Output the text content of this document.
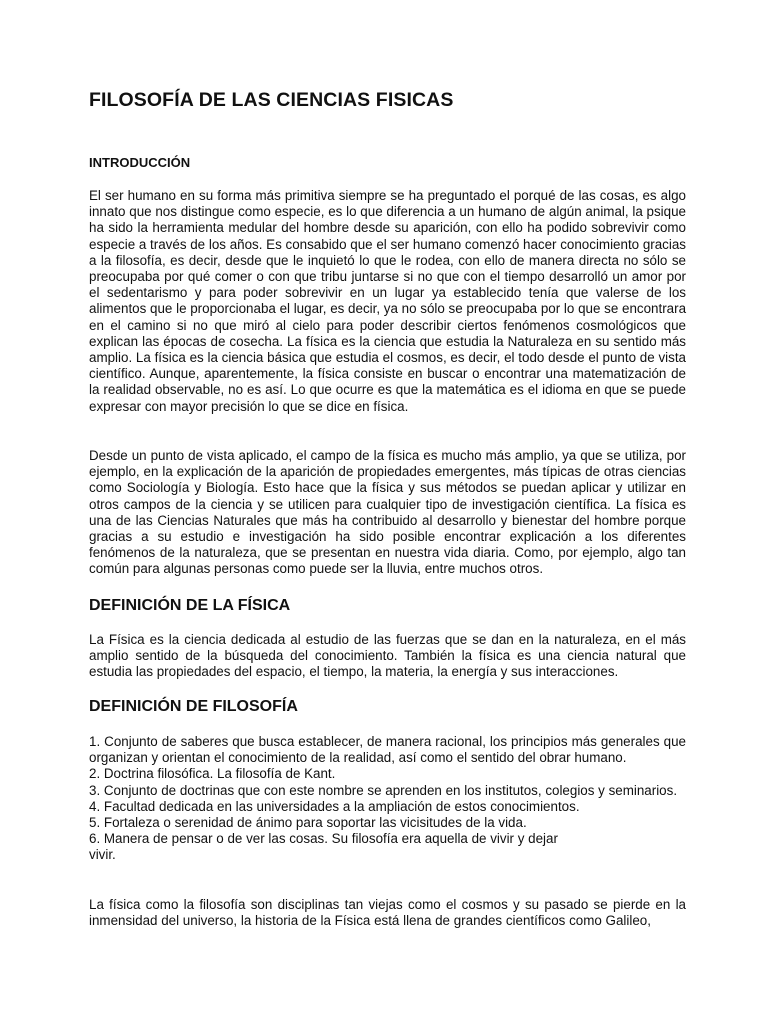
FILOSOFÍA DE LAS CIENCIAS FISICAS
INTRODUCCIÓN

El ser humano en su forma más primitiva siempre se ha preguntado el porqué de las cosas, es algo innato que nos distingue como especie, es lo que diferencia a un humano de algún animal, la psique ha sido la herramienta medular del hombre desde su aparición, con ello ha podido sobrevivir como especie a través de los años. Es consabido que el ser humano comenzó hacer conocimiento gracias a la filosofía, es decir, desde que le inquietó lo que le rodea, con ello de manera directa no sólo se preocupaba por qué comer o con que tribu juntarse si no que con el tiempo desarrolló un amor por el sedentarismo y para poder sobrevivir en un lugar ya establecido tenía que valerse de los alimentos que le proporcionaba el lugar, es decir, ya no sólo se preocupaba por lo que se encontrara en el camino si no que miró al cielo para poder describir ciertos fenómenos cosmológicos que explican las épocas de cosecha. La física es la ciencia que estudia la Naturaleza en su sentido más amplio. La física es la ciencia básica que estudia el cosmos, es decir, el todo desde el punto de vista científico. Aunque, aparentemente, la física consiste en buscar o encontrar una matematización de la realidad observable, no es así. Lo que ocurre es que la matemática es el idioma en que se puede expresar con mayor precisión lo que se dice en física.

Desde un punto de vista aplicado, el campo de la física es mucho más amplio, ya que se utiliza, por ejemplo, en la explicación de la aparición de propiedades emergentes, más típicas de otras ciencias como Sociología y Biología. Esto hace que la física y sus métodos se puedan aplicar y utilizar en otros campos de la ciencia y se utilicen para cualquier tipo de investigación científica. La física es una de las Ciencias Naturales que más ha contribuido al desarrollo y bienestar del hombre porque gracias a su estudio e investigación ha sido posible encontrar explicación a los diferentes fenómenos de la naturaleza, que se presentan en nuestra vida diaria. Como, por ejemplo, algo tan común para algunas personas como puede ser la lluvia, entre muchos otros.

DEFINICIÓN DE LA FÍSICA

La Física es la ciencia dedicada al estudio de las fuerzas que se dan en la naturaleza, en el más amplio sentido de la búsqueda del conocimiento. También la física es una ciencia natural que estudia las propiedades del espacio, el tiempo, la materia, la energía y sus interacciones.

DEFINICIÓN DE FILOSOFÍA
1. Conjunto de saberes que busca establecer, de manera racional, los principios más generales que organizan y orientan el conocimiento de la realidad, así como el sentido del obrar humano.
2. Doctrina filosófica. La filosofía de Kant.
3. Conjunto de doctrinas que con este nombre se aprenden en los institutos, colegios y seminarios.
4. Facultad dedicada en las universidades a la ampliación de estos conocimientos.
5. Fortaleza o serenidad de ánimo para soportar las vicisitudes de la vida.
6. Manera de pensar o de ver las cosas. Su filosofía era aquella de vivir y dejar vivir.

La física como la filosofía son disciplinas tan viejas como el cosmos y su pasado se pierde en la inmensidad del universo, la historia de la Física está llena de grandes científicos como Galileo,
